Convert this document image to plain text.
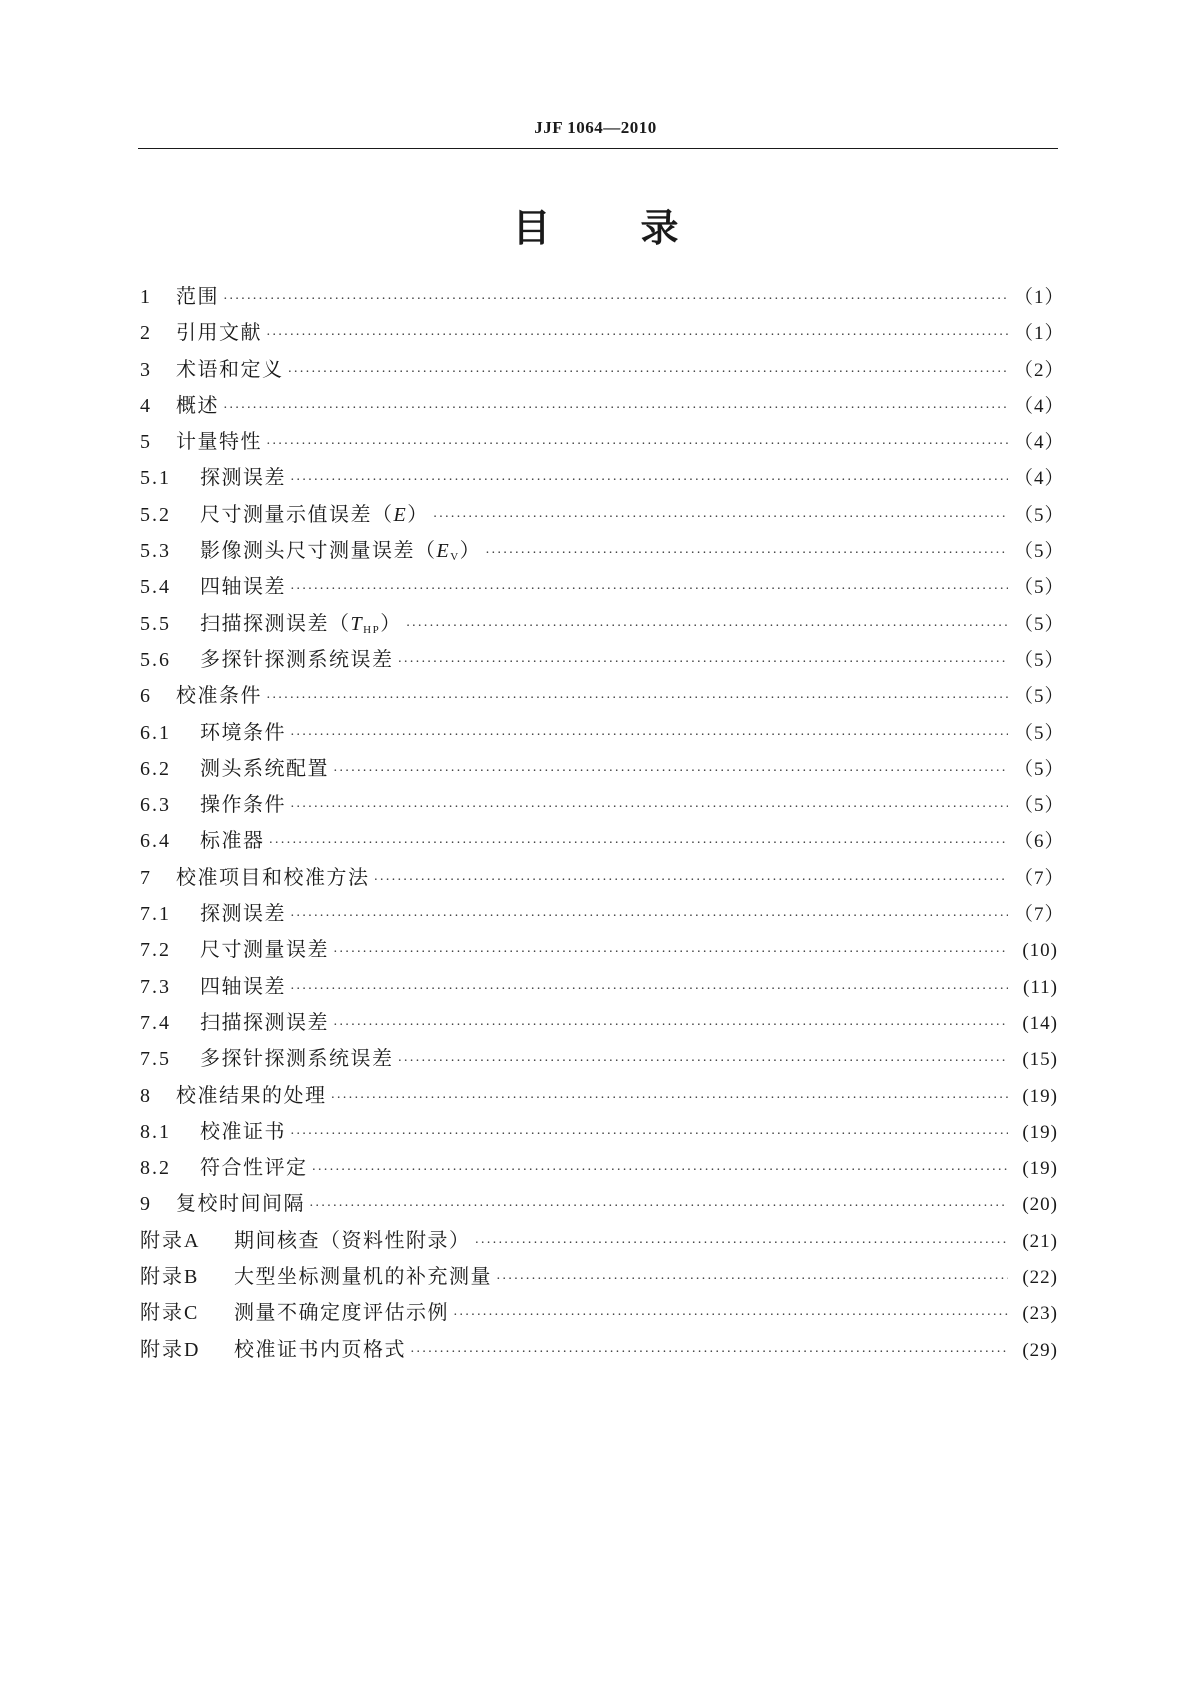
JJF 1064—2010
目 录
1	范围 ·····	（1）
2	引用文献 ·····	（1）
3	术语和定义 ·····	（2）
4	概述 ·····	（4）
5	计量特性 ·····	（4）
5.1	探测误差 ·····	（4）
5.2	尺寸测量示值误差（E） ·····	（5）
5.3	影像测头尺寸测量误差$(E_V)$ ·····	（5）
5.4	四轴误差 ·····	（5）
5.5	扫描探测误差$(T_{HP})$ ·····	（5）
5.6	多探针探测系统误差 ·····	（5）
6	校准条件 ·····	（5）
6.1	环境条件 ·····	（5）
6.2	测头系统配置 ·····	（5）
6.3	操作条件 ·····	（5）
6.4	标准器 ·····	（6）
7	校准项目和校准方法 ·····	（7）
7.1	探测误差 ·····	（7）
7.2	尺寸测量误差 ·····	(10)
7.3	四轴误差 ·····	(11)
7.4	扫描探测误差 ·····	(14)
7.5	多探针探测系统误差 ·····	(15)
8	校准结果的处理 ·····	(19)
8.1	校准证书 ·····	(19)
8.2	符合性评定 ·····	(19)
9	复校时间间隔 ·····	(20)
附录A	期间核查（资料性附录） ·····	(21)
附录B	大型坐标测量机的补充测量 ·····	(22)
附录C	测量不确定度评估示例 ·····	(23)
附录D	校准证书内页格式 ·····	(29)
